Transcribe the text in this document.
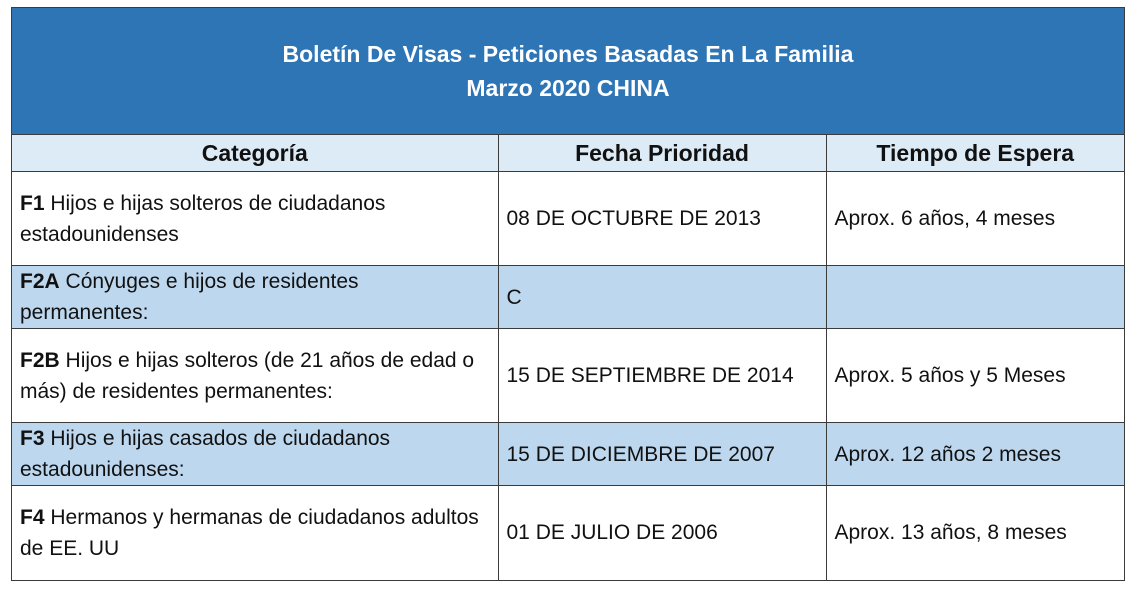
Boletín De Visas - Peticiones Basadas En La Familia
Marzo 2020 CHINA
Categoría	Fecha Prioridad	Tiempo de Espera
F1 Hijos e hijas solteros de ciudadanos estadounidenses	08 DE OCTUBRE DE 2013	Aprox. 6 años, 4 meses
F2A Cónyuges e hijos de residentes permanentes:	C	
F2B Hijos e hijas solteros (de 21 años de edad o más) de residentes permanentes:	15 DE SEPTIEMBRE DE 2014	Aprox. 5 años y 5 Meses
F3 Hijos e hijas casados de ciudadanos estadounidenses:	15 DE DICIEMBRE DE 2007	Aprox. 12 años 2 meses
F4 Hermanos y hermanas de ciudadanos adultos de EE. UU	01 DE JULIO DE 2006	Aprox. 13 años, 8 meses
